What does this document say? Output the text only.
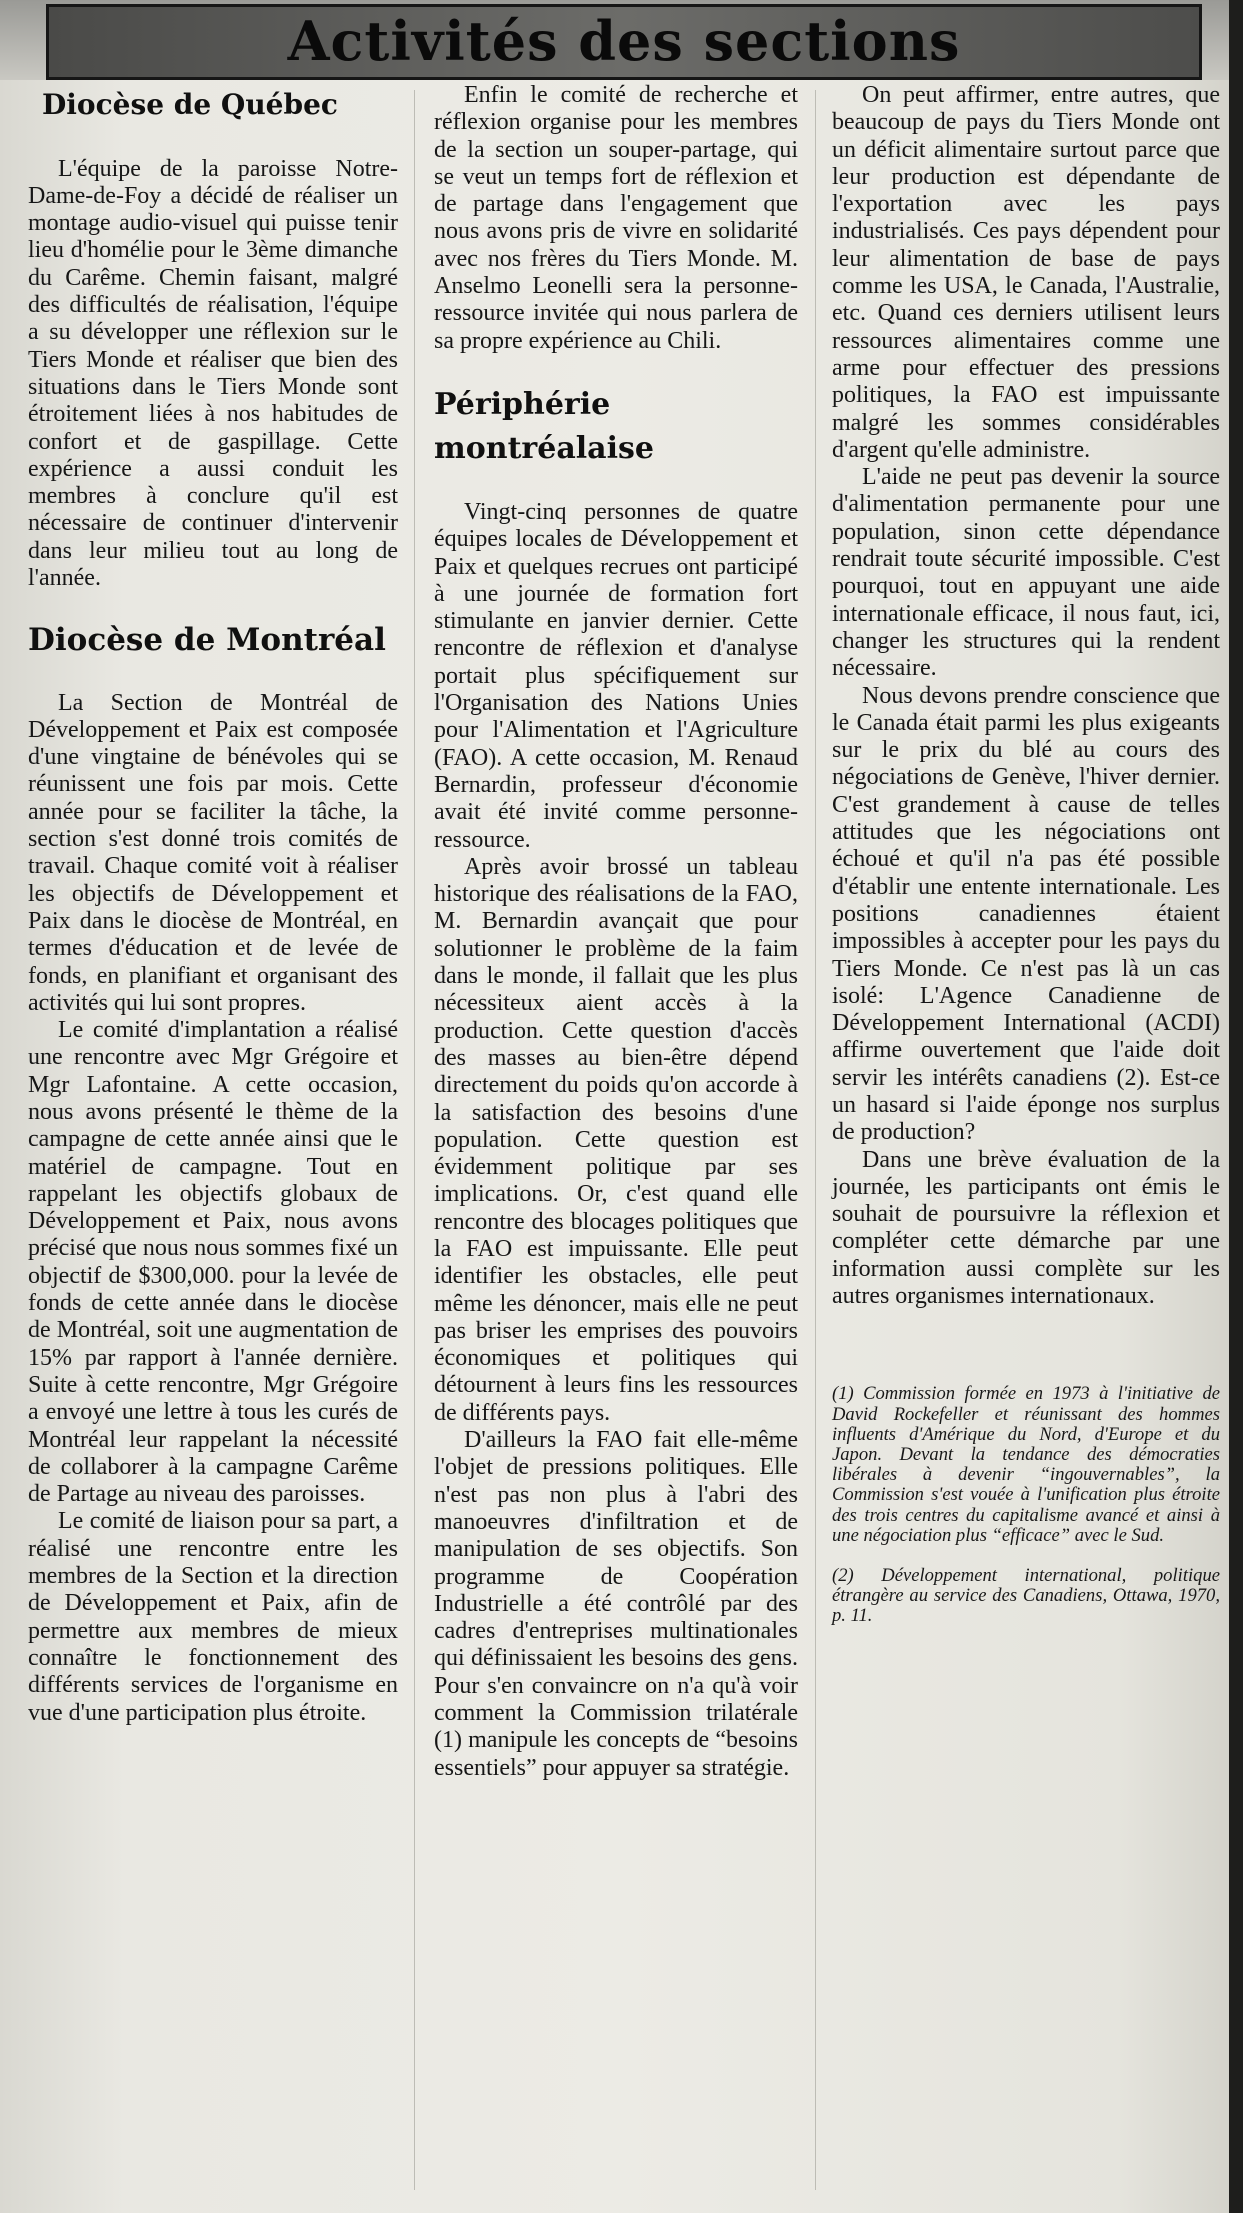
Activités des sections
Diocèse de Québec

L'équipe de la paroisse Notre-Dame-de-Foy a décidé de réaliser un montage audio-visuel qui puisse tenir lieu d'homélie pour le 3ème dimanche du Carême. Chemin faisant, malgré des difficultés de réalisation, l'équipe a su développer une réflexion sur le Tiers Monde et réaliser que bien des situations dans le Tiers Monde sont étroitement liées à nos habitudes de confort et de gaspillage. Cette expérience a aussi conduit les membres à conclure qu'il est nécessaire de continuer d'intervenir dans leur milieu tout au long de l'année.

Diocèse de Montréal

La Section de Montréal de Développement et Paix est composée d'une vingtaine de bénévoles qui se réunissent une fois par mois. Cette année pour se faciliter la tâche, la section s'est donné trois comités de travail. Chaque comité voit à réaliser les objectifs de Développement et Paix dans le diocèse de Montréal, en termes d'éducation et de levée de fonds, en planifiant et organisant des activités qui lui sont propres.

Le comité d'implantation a réalisé une rencontre avec Mgr Grégoire et Mgr Lafontaine. A cette occasion, nous avons présenté le thème de la campagne de cette année ainsi que le matériel de campagne. Tout en rappelant les objectifs globaux de Développement et Paix, nous avons précisé que nous nous sommes fixé un objectif de $300,000. pour la levée de fonds de cette année dans le diocèse de Montréal, soit une augmentation de 15% par rapport à l'année dernière. Suite à cette rencontre, Mgr Grégoire a envoyé une lettre à tous les curés de Montréal leur rappelant la nécessité de collaborer à la campagne Carême de Partage au niveau des paroisses.

Le comité de liaison pour sa part, a réalisé une rencontre entre les membres de la Section et la direction de Développement et Paix, afin de permettre aux membres de mieux connaître le fonctionnement des différents services de l'organisme en vue d'une participation plus étroite.

Enfin le comité de recherche et réflexion organise pour les membres de la section un souper-partage, qui se veut un temps fort de réflexion et de partage dans l'engagement que nous avons pris de vivre en solidarité avec nos frères du Tiers Monde. M. Anselmo Leonelli sera la personne-ressource invitée qui nous parlera de sa propre expérience au Chili.

Périphérie
montréalaise

Vingt-cinq personnes de quatre équipes locales de Développement et Paix et quelques recrues ont participé à une journée de formation fort stimulante en janvier dernier. Cette rencontre de réflexion et d'analyse portait plus spécifiquement sur l'Organisation des Nations Unies pour l'Alimentation et l'Agriculture (FAO). A cette occasion, M. Renaud Bernardin, professeur d'économie avait été invité comme personne-ressource.

Après avoir brossé un tableau historique des réalisations de la FAO, M. Bernardin avançait que pour solutionner le problème de la faim dans le monde, il fallait que les plus nécessiteux aient accès à la production. Cette question d'accès des masses au bien-être dépend directement du poids qu'on accorde à la satisfaction des besoins d'une population. Cette question est évidemment politique par ses implications. Or, c'est quand elle rencontre des blocages politiques que la FAO est impuissante. Elle peut identifier les obstacles, elle peut même les dénoncer, mais elle ne peut pas briser les emprises des pouvoirs économiques et politiques qui détournent à leurs fins les ressources de différents pays.

D'ailleurs la FAO fait elle-même l'objet de pressions politiques. Elle n'est pas non plus à l'abri des manoeuvres d'infiltration et de manipulation de ses objectifs. Son programme de Coopération Industrielle a été contrôlé par des cadres d'entreprises multinationales qui définissaient les besoins des gens. Pour s'en convaincre on n'a qu'à voir comment la Commission trilatérale (1) manipule les concepts de “besoins essentiels” pour appuyer sa stratégie.

On peut affirmer, entre autres, que beaucoup de pays du Tiers Monde ont un déficit alimentaire surtout parce que leur production est dépendante de l'exportation avec les pays industrialisés. Ces pays dépendent pour leur alimentation de base de pays comme les USA, le Canada, l'Australie, etc. Quand ces derniers utilisent leurs ressources alimentaires comme une arme pour effectuer des pressions politiques, la FAO est impuissante malgré les sommes considérables d'argent qu'elle administre.

L'aide ne peut pas devenir la source d'alimentation permanente pour une population, sinon cette dépendance rendrait toute sécurité impossible. C'est pourquoi, tout en appuyant une aide internationale efficace, il nous faut, ici, changer les structures qui la rendent nécessaire.

Nous devons prendre conscience que le Canada était parmi les plus exigeants sur le prix du blé au cours des négociations de Genève, l'hiver dernier. C'est grandement à cause de telles attitudes que les négociations ont échoué et qu'il n'a pas été possible d'établir une entente internationale. Les positions canadiennes étaient impossibles à accepter pour les pays du Tiers Monde. Ce n'est pas là un cas isolé: L'Agence Canadienne de Développement International (ACDI) affirme ouvertement que l'aide doit servir les intérêts canadiens (2). Est-ce un hasard si l'aide éponge nos surplus de production?

Dans une brève évaluation de la journée, les participants ont émis le souhait de poursuivre la réflexion et compléter cette démarche par une information aussi complète sur les autres organismes internationaux.

(1) Commission formée en 1973 à l'initiative de David Rockefeller et réunissant des hommes influents d'Amérique du Nord, d'Europe et du Japon. Devant la tendance des démocraties libérales à devenir “ingouvernables”, la Commission s'est vouée à l'unification plus étroite des trois centres du capitalisme avancé et ainsi à une négociation plus “efficace” avec le Sud.

(2) Développement international, politique étrangère au service des Canadiens, Ottawa, 1970, p. 11.
